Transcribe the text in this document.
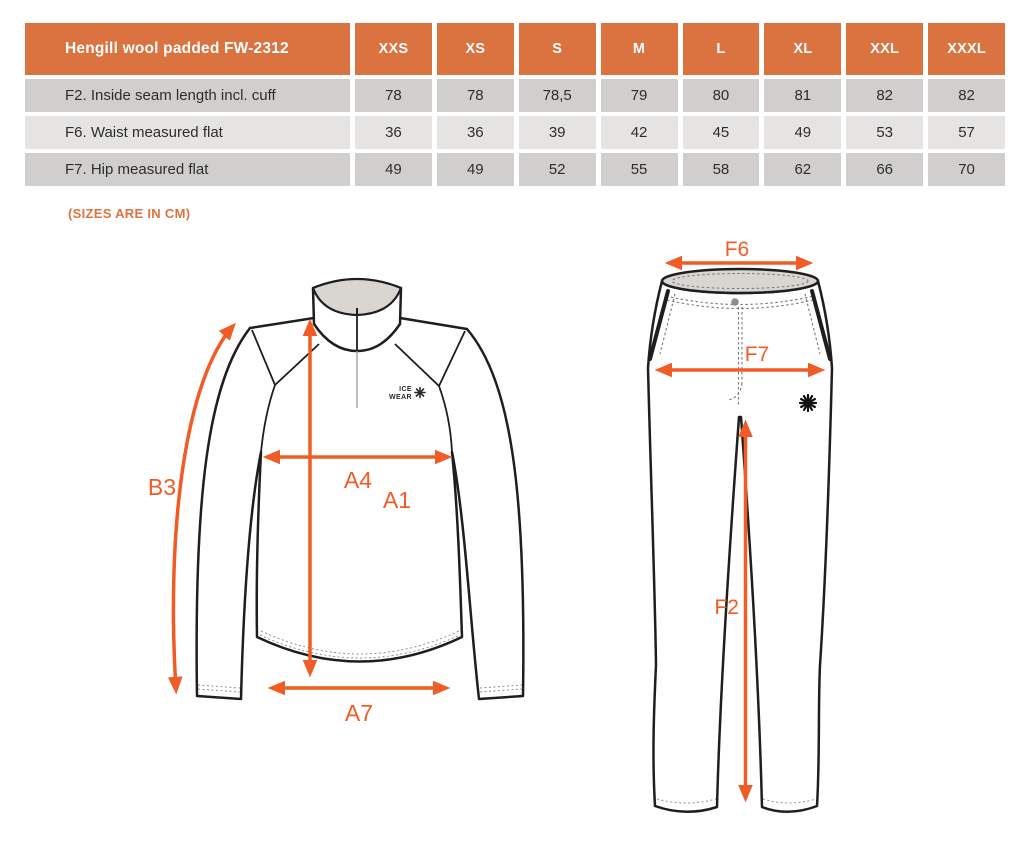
Hengill wool padded FW-2312	XXS	XS	S	M	L	XL	XXL	XXXL
F2. Inside seam length incl. cuff	78	78	78,5	79	80	81	82	82
F6. Waist measured flat	36	36	39	42	45	49	53	57
F7. Hip measured flat	49	49	52	55	58	62	66	70
(SIZES ARE IN CM)
ICE
WEAR
B3	A4
A1
A7
F6
F7
F2
